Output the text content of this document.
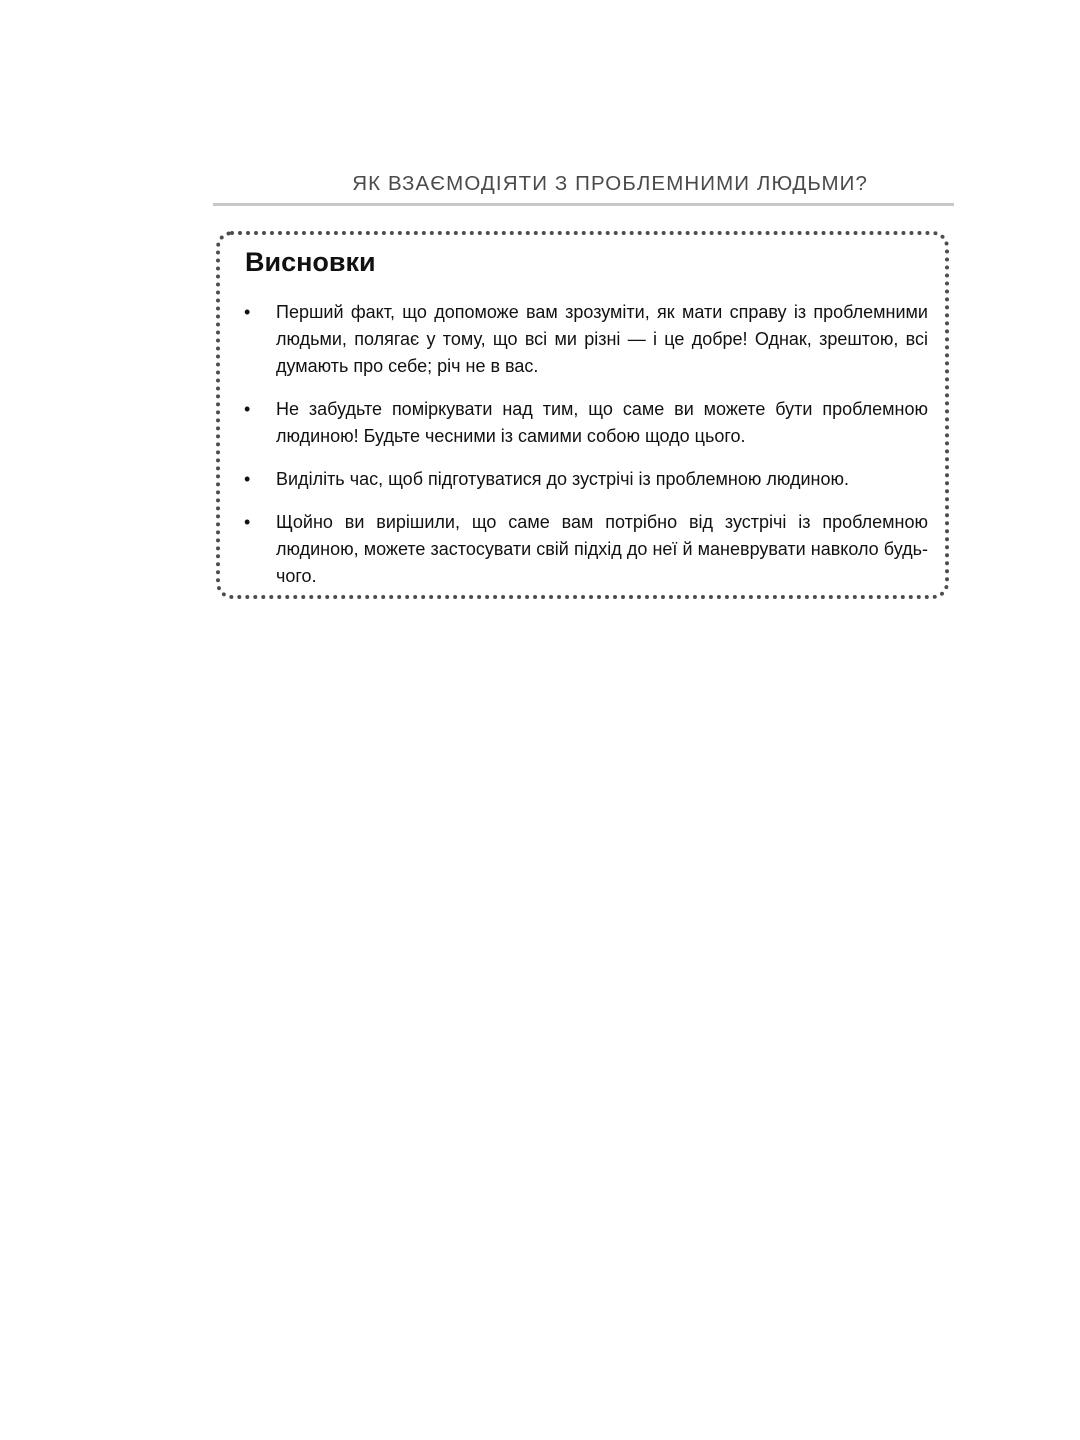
ЯК ВЗАЄМОДІЯТИ З ПРОБЛЕМНИМИ ЛЮДЬМИ?
Висновки
•	Перший факт, що допоможе вам зрозуміти, як мати справу із проблемними людьми, полягає у тому, що всі ми різні — і це добре! Однак, зрештою, всі думають про себе; річ не в вас.
•	Не забудьте поміркувати над тим, що саме ви можете бути проблемною людиною! Будьте чесними із самими собою щодо цього.
•	Виділіть час, щоб підготуватися до зустрічі із проблемною людиною.
•	Щойно ви вирішили, що саме вам потрібно від зустрічі із проблемною людиною, можете застосувати свій підхід до неї й маневрувати навколо будь-чого.
